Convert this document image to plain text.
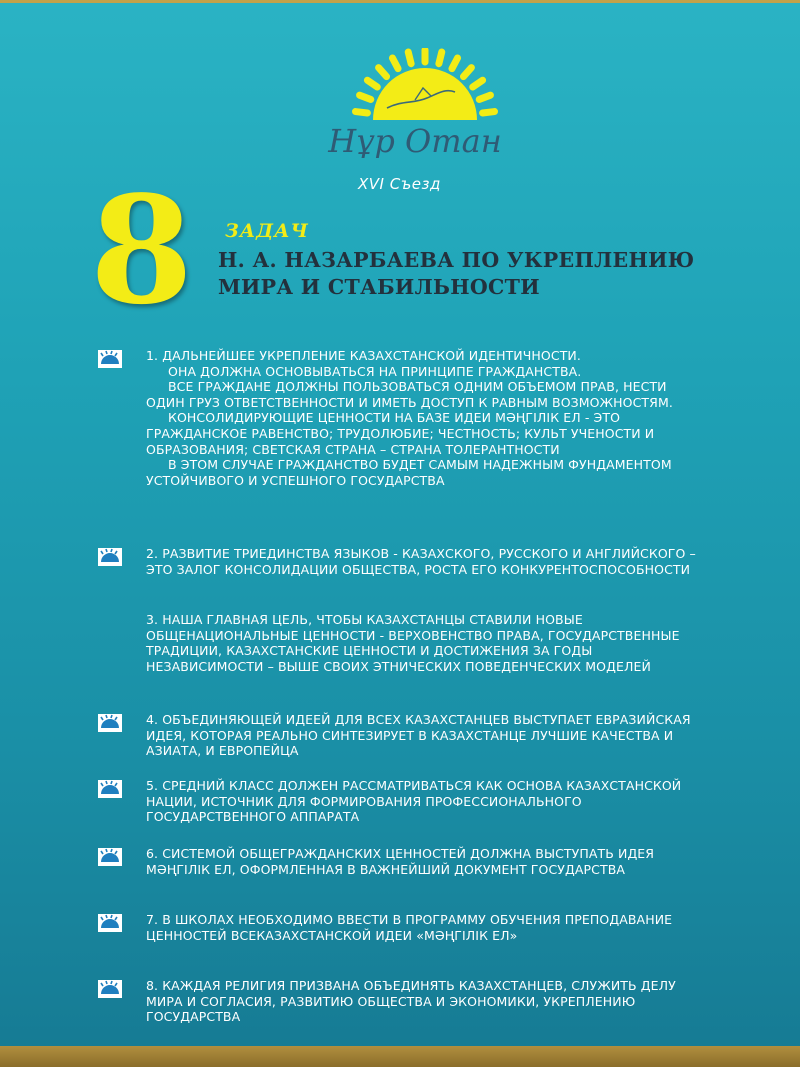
Нұр Отан
XVI Съезд
8	ЗАДАЧ
Н. А. НАЗАРБАЕВА ПО УКРЕПЛЕНИЮ
МИРА И СТАБИЛЬНОСТИ
1. ДАЛЬНЕЙШЕЕ УКРЕПЛЕНИЕ КАЗАХСТАНСКОЙ ИДЕНТИЧНОСТИ.
ОНА ДОЛЖНА ОСНОВЫВАТЬСЯ НА ПРИНЦИПЕ ГРАЖДАНСТВА.
ВСЕ ГРАЖДАНЕ ДОЛЖНЫ ПОЛЬЗОВАТЬСЯ ОДНИМ ОБЪЕМОМ ПРАВ, НЕСТИ ОДИН ГРУЗ ОТВЕТСТВЕННОСТИ И ИМЕТЬ ДОСТУП К РАВНЫМ ВОЗМОЖНОСТЯМ.
КОНСОЛИДИРУЮЩИЕ ЦЕННОСТИ НА БАЗЕ ИДЕИ МӘҢГІЛІК ЕЛ - ЭТО ГРАЖДАНСКОЕ РАВЕНСТВО; ТРУДОЛЮБИЕ; ЧЕСТНОСТЬ; КУЛЬТ УЧЕНОСТИ И ОБРАЗОВАНИЯ; СВЕТСКАЯ СТРАНА – СТРАНА ТОЛЕРАНТНОСТИ
В ЭТОМ СЛУЧАЕ ГРАЖДАНСТВО БУДЕТ САМЫМ НАДЕЖНЫМ ФУНДАМЕНТОМ УСТОЙЧИВОГО И УСПЕШНОГО ГОСУДАРСТВА
2. РАЗВИТИЕ ТРИЕДИНСТВА ЯЗЫКОВ - КАЗАХСКОГО, РУССКОГО И АНГЛИЙСКОГО – ЭТО ЗАЛОГ КОНСОЛИДАЦИИ ОБЩЕСТВА, РОСТА ЕГО КОНКУРЕНТОСПОСОБНОСТИ
3. НАША ГЛАВНАЯ ЦЕЛЬ, ЧТОБЫ КАЗАХСТАНЦЫ СТАВИЛИ НОВЫЕ ОБЩЕНАЦИОНАЛЬНЫЕ ЦЕННОСТИ - ВЕРХОВЕНСТВО ПРАВА, ГОСУДАРСТВЕННЫЕ ТРАДИЦИИ, КАЗАХСТАНСКИЕ ЦЕННОСТИ И ДОСТИЖЕНИЯ ЗА ГОДЫ НЕЗАВИСИМОСТИ – ВЫШЕ СВОИХ ЭТНИЧЕСКИХ ПОВЕДЕНЧЕСКИХ МОДЕЛЕЙ
4. ОБЪЕДИНЯЮЩЕЙ ИДЕЕЙ ДЛЯ ВСЕХ КАЗАХСТАНЦЕВ ВЫСТУПАЕТ ЕВРАЗИЙСКАЯ ИДЕЯ, КОТОРАЯ РЕАЛЬНО СИНТЕЗИРУЕТ В КАЗАХСТАНЦЕ ЛУЧШИЕ КАЧЕСТВА И АЗИАТА, И ЕВРОПЕЙЦА
5. СРЕДНИЙ КЛАСС ДОЛЖЕН РАССМАТРИВАТЬСЯ КАК ОСНОВА КАЗАХСТАНСКОЙ НАЦИИ, ИСТОЧНИК ДЛЯ ФОРМИРОВАНИЯ ПРОФЕССИОНАЛЬНОГО ГОСУДАРСТВЕННОГО АППАРАТА
6. СИСТЕМОЙ ОБЩЕГРАЖДАНСКИХ ЦЕННОСТЕЙ ДОЛЖНА ВЫСТУПАТЬ ИДЕЯ МӘҢГІЛІК ЕЛ, ОФОРМЛЕННАЯ В ВАЖНЕЙШИЙ ДОКУМЕНТ ГОСУДАРСТВА
7. В ШКОЛАХ НЕОБХОДИМО ВВЕСТИ В ПРОГРАММУ ОБУЧЕНИЯ ПРЕПОДАВАНИЕ ЦЕННОСТЕЙ ВСЕКАЗАХСТАНСКОЙ ИДЕИ «МӘҢГІЛІК ЕЛ»
8. КАЖДАЯ РЕЛИГИЯ ПРИЗВАНА ОБЪЕДИНЯТЬ КАЗАХСТАНЦЕВ, СЛУЖИТЬ ДЕЛУ МИРА И СОГЛАСИЯ, РАЗВИТИЮ ОБЩЕСТВА И ЭКОНОМИКИ, УКРЕПЛЕНИЮ ГОСУДАРСТВА
